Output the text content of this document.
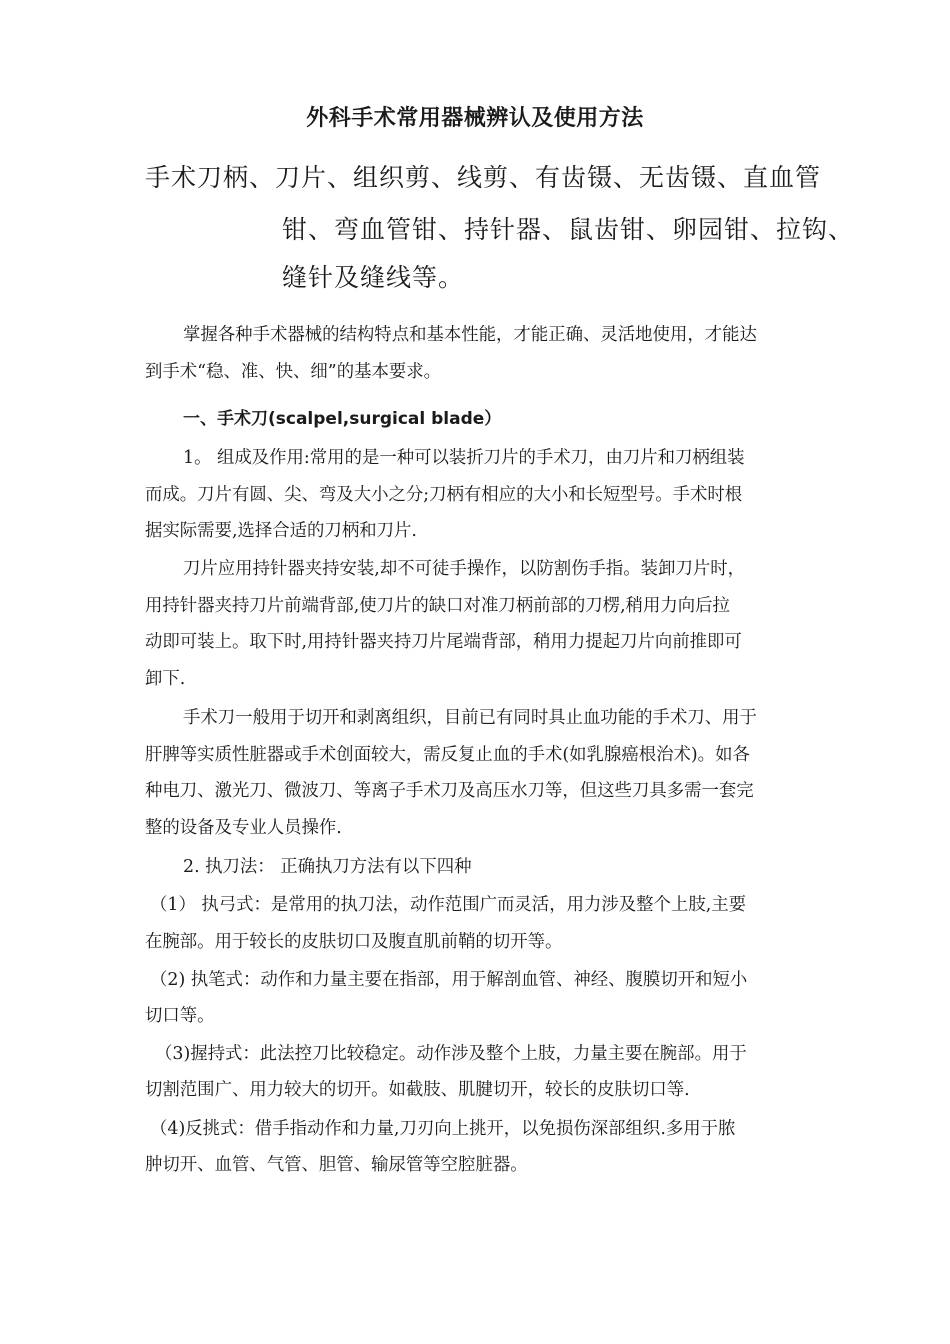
外科手术常用器械辨认及使用方法
手术刀柄、刀片、组织剪、线剪、有齿镊、无齿镊、直血管
钳、弯血管钳、持针器、鼠齿钳、卵园钳、拉钩、
缝针及缝线等。
掌握各种手术器械的结构特点和基本性能，才能正确、灵活地使用，才能达
到手术“稳、准、快、细”的基本要求。
一、手术刀(scalpel,surgical blade）
1。 组成及作用:常用的是一种可以装折刀片的手术刀，由刀片和刀柄组装
而成。刀片有圆、尖、弯及大小之分;刀柄有相应的大小和长短型号。手术时根
据实际需要,选择合适的刀柄和刀片.
刀片应用持针器夹持安装,却不可徒手操作，以防割伤手指。装卸刀片时，
用持针器夹持刀片前端背部,使刀片的缺口对准刀柄前部的刀楞,稍用力向后拉
动即可装上。取下时,用持针器夹持刀片尾端背部，稍用力提起刀片向前推即可
卸下.
手术刀一般用于切开和剥离组织，目前已有同时具止血功能的手术刀、用于
肝脾等实质性脏器或手术创面较大，需反复止血的手术(如乳腺癌根治术)。如各
种电刀、激光刀、微波刀、等离子手术刀及高压水刀等，但这些刀具多需一套完
整的设备及专业人员操作.
2. 执刀法： 正确执刀方法有以下四种
（1） 执弓式：是常用的执刀法，动作范围广而灵活，用力涉及整个上肢,主要
在腕部。用于较长的皮肤切口及腹直肌前鞘的切开等。
（2) 执笔式：动作和力量主要在指部，用于解剖血管、神经、腹膜切开和短小
切口等。
（3)握持式：此法控刀比较稳定。动作涉及整个上肢，力量主要在腕部。用于
切割范围广、用力较大的切开。如截肢、肌腱切开，较长的皮肤切口等.
（4)反挑式：借手指动作和力量,刀刃向上挑开，以免损伤深部组织.多用于脓
肿切开、血管、气管、胆管、输尿管等空腔脏器。
